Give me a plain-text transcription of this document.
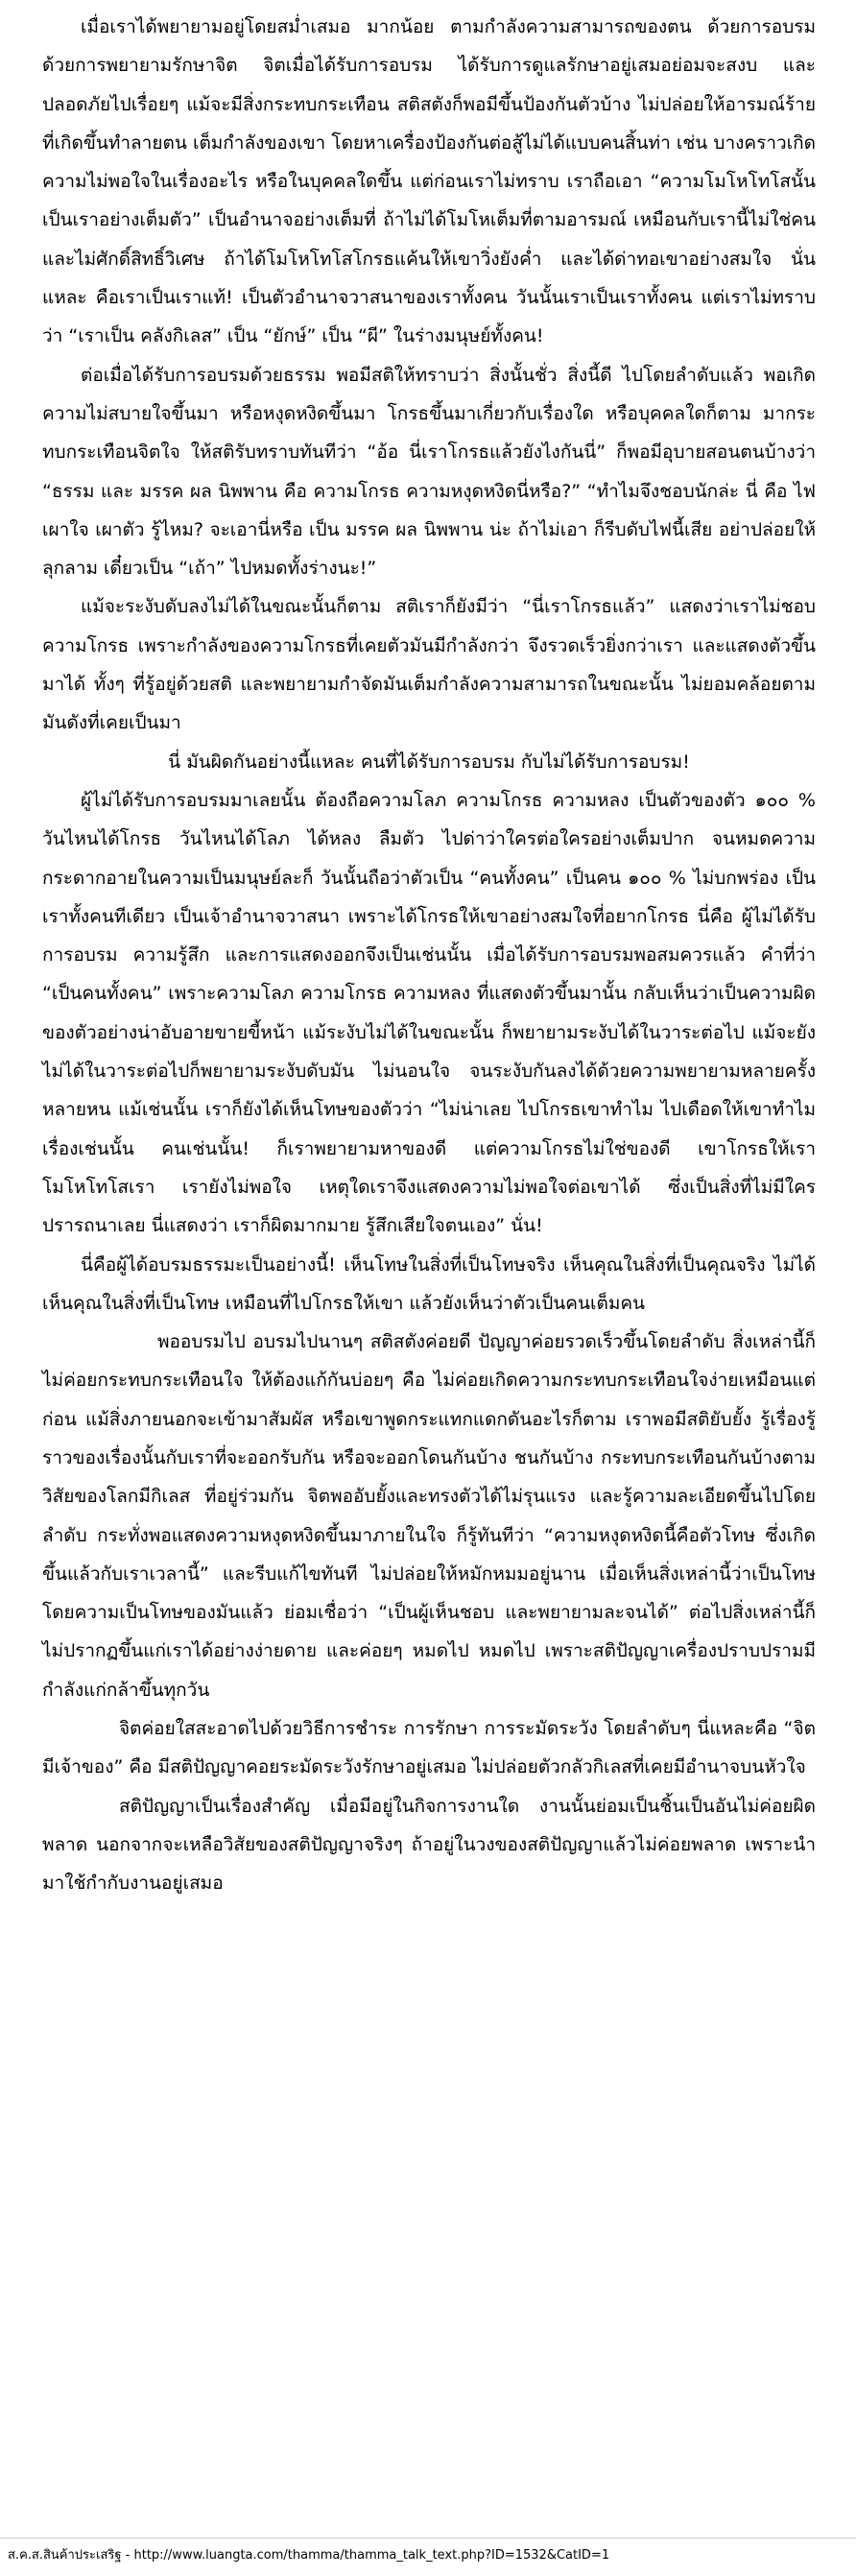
เมื่อเราได้พยายามอยู่โดยสม่ำเสมอ มากน้อย ตามกำลังความสามารถของตน ด้วยการอบรม ด้วยการพยายามรักษาจิต จิตเมื่อได้รับการอบรม ได้รับการดูแลรักษาอยู่เสมอย่อมจะสงบ และปลอดภัยไปเรื่อยๆ แม้จะมีสิ่งกระทบกระเทือน สติสตังก็พอมีขึ้นป้องกันตัวบ้าง ไม่ปล่อยให้อารมณ์ร้ายที่เกิดขึ้นทำลายตน เต็มกำลังของเขา โดยหาเครื่องป้องกันต่อสู้ไม่ได้แบบคนสิ้นท่า เช่น บางคราวเกิดความไม่พอใจในเรื่องอะไร หรือในบุคคลใดขึ้น แต่ก่อนเราไม่ทราบ เราถือเอา “ความโมโหโทโสนั้น เป็นเราอย่างเต็มตัว” เป็นอำนาจอย่างเต็มที่ ถ้าไม่ได้โมโหเต็มที่ตามอารมณ์ เหมือนกับเรานี้ไม่ใช่คน และไม่ศักดิ์สิทธิ์วิเศษ ถ้าได้โมโหโทโสโกรธแค้นให้เขาวิ่งยังค่ำ และได้ด่าทอเขาอย่างสมใจ นั่นแหละ คือเราเป็นเราแท้! เป็นตัวอำนาจวาสนาของเราทั้งคน วันนั้นเราเป็นเราทั้งคน แต่เราไม่ทราบว่า “เราเป็น คลังกิเลส” เป็น “ยักษ์” เป็น “ผี” ในร่างมนุษย์ทั้งคน!

ต่อเมื่อได้รับการอบรมด้วยธรรม พอมีสติให้ทราบว่า สิ่งนั้นชั่ว สิ่งนี้ดี ไปโดยลำดับแล้ว พอเกิดความไม่สบายใจขึ้นมา หรือหงุดหงิดขึ้นมา โกรธขึ้นมาเกี่ยวกับเรื่องใด หรือบุคคลใดก็ตาม มากระทบกระเทือนจิตใจ ให้สติรับทราบทันทีว่า “อ้อ นี่เราโกรธแล้วยังไงกันนี่” ก็พอมีอุบายสอนตนบ้างว่า “ธรรม และ มรรค ผล นิพพาน คือ ความโกรธ ความหงุดหงิดนี่หรือ?” “ทำไมจึงชอบนักล่ะ นี่ คือ ไฟ เผาใจ เผาตัว รู้ไหม? จะเอานี่หรือ เป็น มรรค ผล นิพพาน น่ะ ถ้าไม่เอา ก็รีบดับไฟนี้เสีย อย่าปล่อยให้ลุกลาม เดี๋ยวเป็น “เถ้า” ไปหมดทั้งร่างนะ!”

แม้จะระงับดับลงไม่ได้ในขณะนั้นก็ตาม สติเราก็ยังมีว่า “นี่เราโกรธแล้ว” แสดงว่าเราไม่ชอบความโกรธ เพราะกำลังของความโกรธที่เคยตัวมันมีกำลังกว่า จึงรวดเร็วยิ่งกว่าเรา และแสดงตัวขึ้นมาได้ ทั้งๆ ที่รู้อยู่ด้วยสติ และพยายามกำจัดมันเต็มกำลังความสามารถในขณะนั้น ไม่ยอมคล้อยตามมันดังที่เคยเป็นมา

นี่ มันผิดกันอย่างนี้แหละ คนที่ได้รับการอบรม กับไม่ได้รับการอบรม!

ผู้ไม่ได้รับการอบรมมาเลยนั้น ต้องถือความโลภ ความโกรธ ความหลง เป็นตัวของตัว ๑๐๐ % วันไหนได้โกรธ วันไหนได้โลภ ได้หลง ลืมตัว ไปด่าว่าใครต่อใครอย่างเต็มปาก จนหมดความกระดากอายในความเป็นมนุษย์ละก็ วันนั้นถือว่าตัวเป็น “คนทั้งคน” เป็นคน ๑๐๐ % ไม่บกพร่อง เป็นเราทั้งคนทีเดียว เป็นเจ้าอำนาจวาสนา เพราะได้โกรธให้เขาอย่างสมใจที่อยากโกรธ นี่คือ ผู้ไม่ได้รับการอบรม ความรู้สึก และการแสดงออกจึงเป็นเช่นนั้น เมื่อได้รับการอบรมพอสมควรแล้ว คำที่ว่า “เป็นคนทั้งคน” เพราะความโลภ ความโกรธ ความหลง ที่แสดงตัวขึ้นมานั้น กลับเห็นว่าเป็นความผิดของตัวอย่างน่าอับอายขายขี้หน้า แม้ระงับไม่ได้ในขณะนั้น ก็พยายามระงับได้ในวาระต่อไป แม้จะยังไม่ได้ในวาระต่อไปก็พยายามระงับดับมัน ไม่นอนใจ จนระงับกันลงได้ด้วยความพยายามหลายครั้งหลายหน แม้เช่นนั้น เราก็ยังได้เห็นโทษของตัวว่า “ไม่น่าเลย ไปโกรธเขาทำไม ไปเดือดให้เขาทำไม เรื่องเช่นนั้น คนเช่นนั้น! ก็เราพยายามหาของดี แต่ความโกรธไม่ใช่ของดี เขาโกรธให้เรา โมโหโทโสเรา เรายังไม่พอใจ เหตุใดเราจึงแสดงความไม่พอใจต่อเขาได้ ซึ่งเป็นสิ่งที่ไม่มีใครปรารถนาเลย นี่แสดงว่า เราก็ผิดมากมาย รู้สึกเสียใจตนเอง” นั่น!

นี่คือผู้ได้อบรมธรรมะเป็นอย่างนี้! เห็นโทษในสิ่งที่เป็นโทษจริง เห็นคุณในสิ่งที่เป็นคุณจริง ไม่ได้เห็นคุณในสิ่งที่เป็นโทษ เหมือนที่ไปโกรธให้เขา แล้วยังเห็นว่าตัวเป็นคนเต็มคน

พออบรมไป อบรมไปนานๆ สติสตังค่อยดี ปัญญาค่อยรวดเร็วขึ้นโดยลำดับ สิ่งเหล่านี้ก็ไม่ค่อยกระทบกระเทือนใจ ให้ต้องแก้กันบ่อยๆ คือ ไม่ค่อยเกิดความกระทบกระเทือนใจง่ายเหมือนแต่ก่อน แม้สิ่งภายนอกจะเข้ามาสัมผัส หรือเขาพูดกระแทกแดกดันอะไรก็ตาม เราพอมีสติยับยั้ง รู้เรื่องรู้ราวของเรื่องนั้นกับเราที่จะออกรับกัน หรือจะออกโดนกันบ้าง ชนกันบ้าง กระทบกระเทือนกันบ้างตามวิสัยของโลกมีกิเลส ที่อยู่ร่วมกัน จิตพออับยั้งและทรงตัวได้ไม่รุนแรง และรู้ความละเอียดขึ้นไปโดยลำดับ กระทั่งพอแสดงความหงุดหงิดขึ้นมาภายในใจ ก็รู้ทันทีว่า “ความหงุดหงิดนี้คือตัวโทษ ซึ่งเกิดขึ้นแล้วกับเราเวลานี้” และรีบแก้ไขทันที ไม่ปล่อยให้หมักหมมอยู่นาน เมื่อเห็นสิ่งเหล่านี้ว่าเป็นโทษโดยความเป็นโทษของมันแล้ว ย่อมเชื่อว่า “เป็นผู้เห็นชอบ และพยายามละจนได้” ต่อไปสิ่งเหล่านี้ก็ไม่ปรากฏขึ้นแก่เราได้อย่างง่ายดาย และค่อยๆ หมดไป หมดไป เพราะสติปัญญาเครื่องปราบปรามมีกำลังแก่กล้าขึ้นทุกวัน

จิตค่อยใสสะอาดไปด้วยวิธีการชำระ การรักษา การระมัดระวัง โดยลำดับๆ นี่แหละคือ “จิตมีเจ้าของ” คือ มีสติปัญญาคอยระมัดระวังรักษาอยู่เสมอ ไม่ปล่อยตัวกลัวกิเลสที่เคยมีอำนาจบนหัวใจ

สติปัญญาเป็นเรื่องสำคัญ เมื่อมีอยู่ในกิจการงานใด งานนั้นย่อมเป็นชิ้นเป็นอันไม่ค่อยผิดพลาด นอกจากจะเหลือวิสัยของสติปัญญาจริงๆ ถ้าอยู่ในวงของสติปัญญาแล้วไม่ค่อยพลาด เพราะนำมาใช้กำกับงานอยู่เสมอ

ส.ค.ส.สินค้าประเสริฐ - http://www.luangta.com/thamma/thamma_talk_text.php?ID=1532&CatID=1
